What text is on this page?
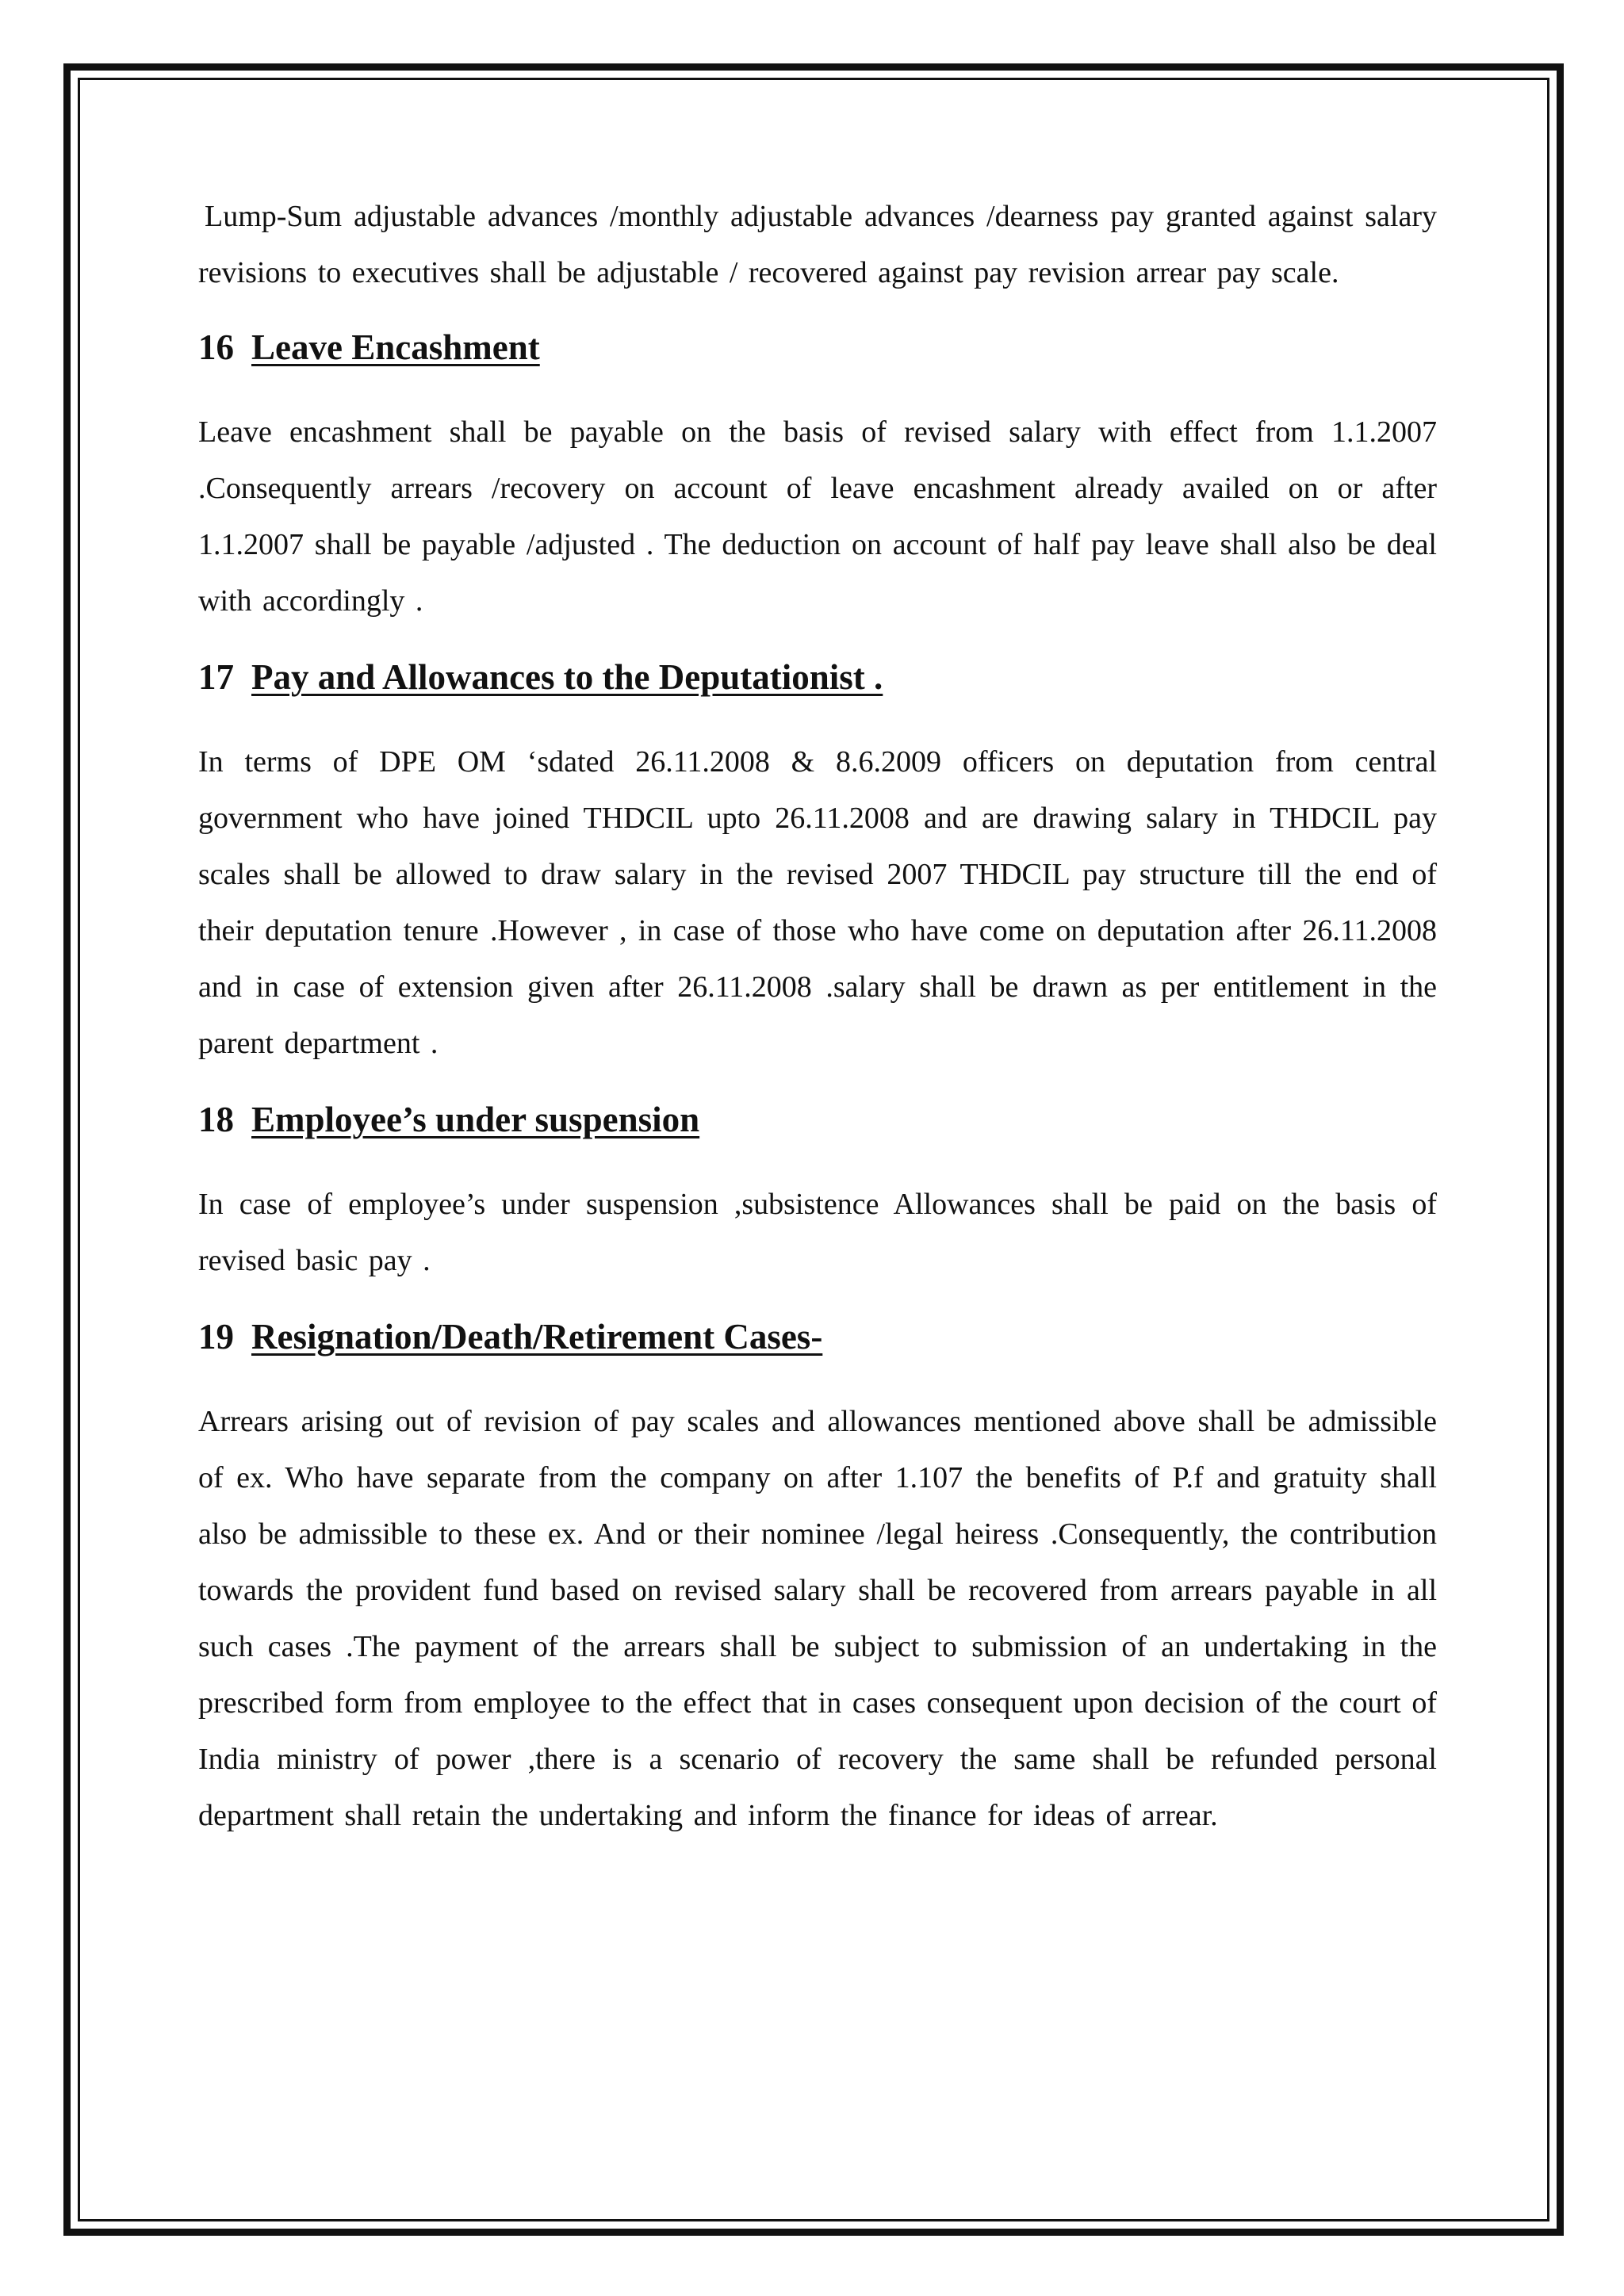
Lump-Sum adjustable advances /monthly adjustable advances /dearness pay granted against salary revisions to executives shall be adjustable / recovered against pay revision arrear pay scale.

16 Leave Encashment

Leave encashment shall be payable on the basis of revised salary with effect from 1.1.2007 .Consequently arrears /recovery on account of leave encashment already availed on or after 1.1.2007 shall be payable /adjusted . The deduction on account of half pay leave shall also be deal with accordingly .

17 Pay and Allowances to the Deputationist .

In terms of DPE OM ‘sdated 26.11.2008 & 8.6.2009 officers on deputation from central government who have joined THDCIL upto 26.11.2008 and are drawing salary in THDCIL pay scales shall be allowed to draw salary in the revised 2007 THDCIL pay structure till the end of their deputation tenure .However , in case of those who have come on deputation after 26.11.2008 and in case of extension given after 26.11.2008 .salary shall be drawn as per entitlement in the parent department .

18 Employee’s under suspension

In case of employee’s under suspension ,subsistence Allowances shall be paid on the basis of revised basic pay .

19 Resignation/Death/Retirement Cases-

Arrears arising out of revision of pay scales and allowances mentioned above shall be admissible of ex. Who have separate from the company on after 1.107 the benefits of P.f and gratuity shall also be admissible to these ex. And or their nominee /legal heiress .Consequently, the contribution towards the provident fund based on revised salary shall be recovered from arrears payable in all such cases .The payment of the arrears shall be subject to submission of an undertaking in the prescribed form from employee to the effect that in cases consequent upon decision of the court of India ministry of power ,there is a scenario of recovery the same shall be refunded personal department shall retain the undertaking and inform the finance for ideas of arrear.
